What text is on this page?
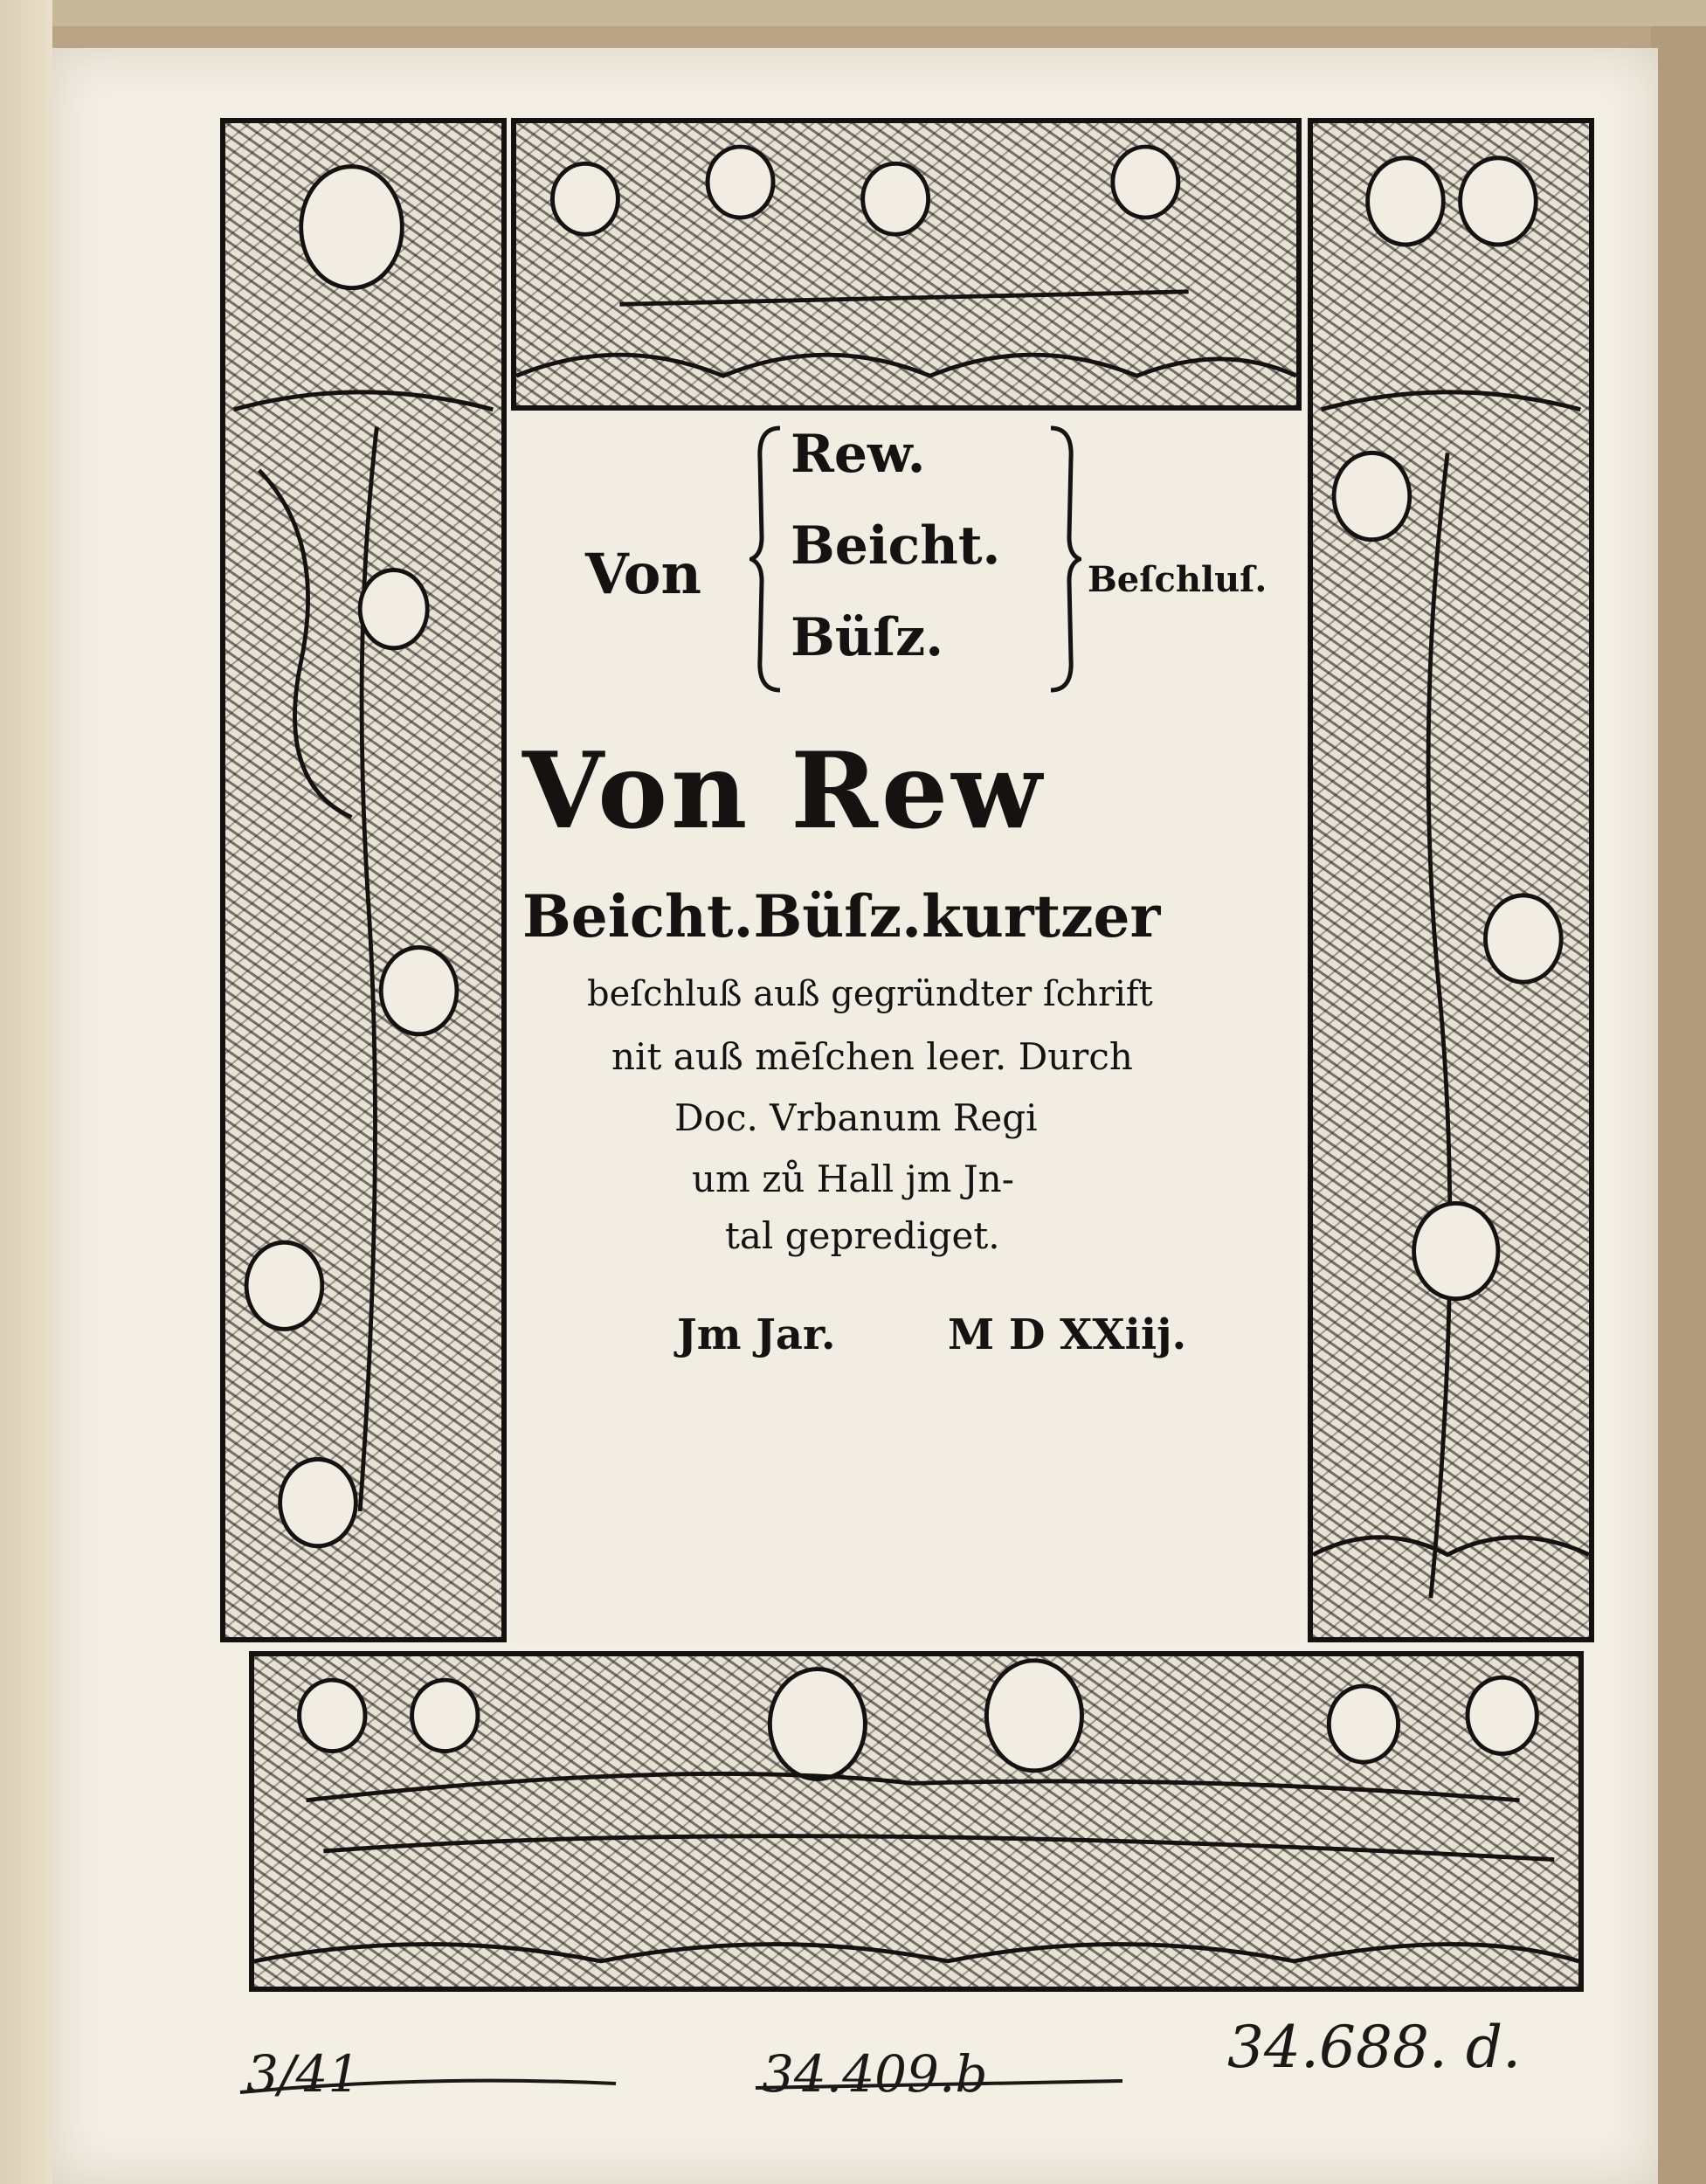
Von
Rew.
Beicht.
Büſz.
Beſchluſ.
Von Rew
Beicht.Büſz.kurtzer
beſchluß auß gegründter ſchrift
nit auß mēſchen leer. Durch
Doc. Vrbanum Regi
um zů Hall jm Jn-
tal geprediget.
Jm Jar.	M D XXiij.
3/41	34.409.b	34.688. d.
